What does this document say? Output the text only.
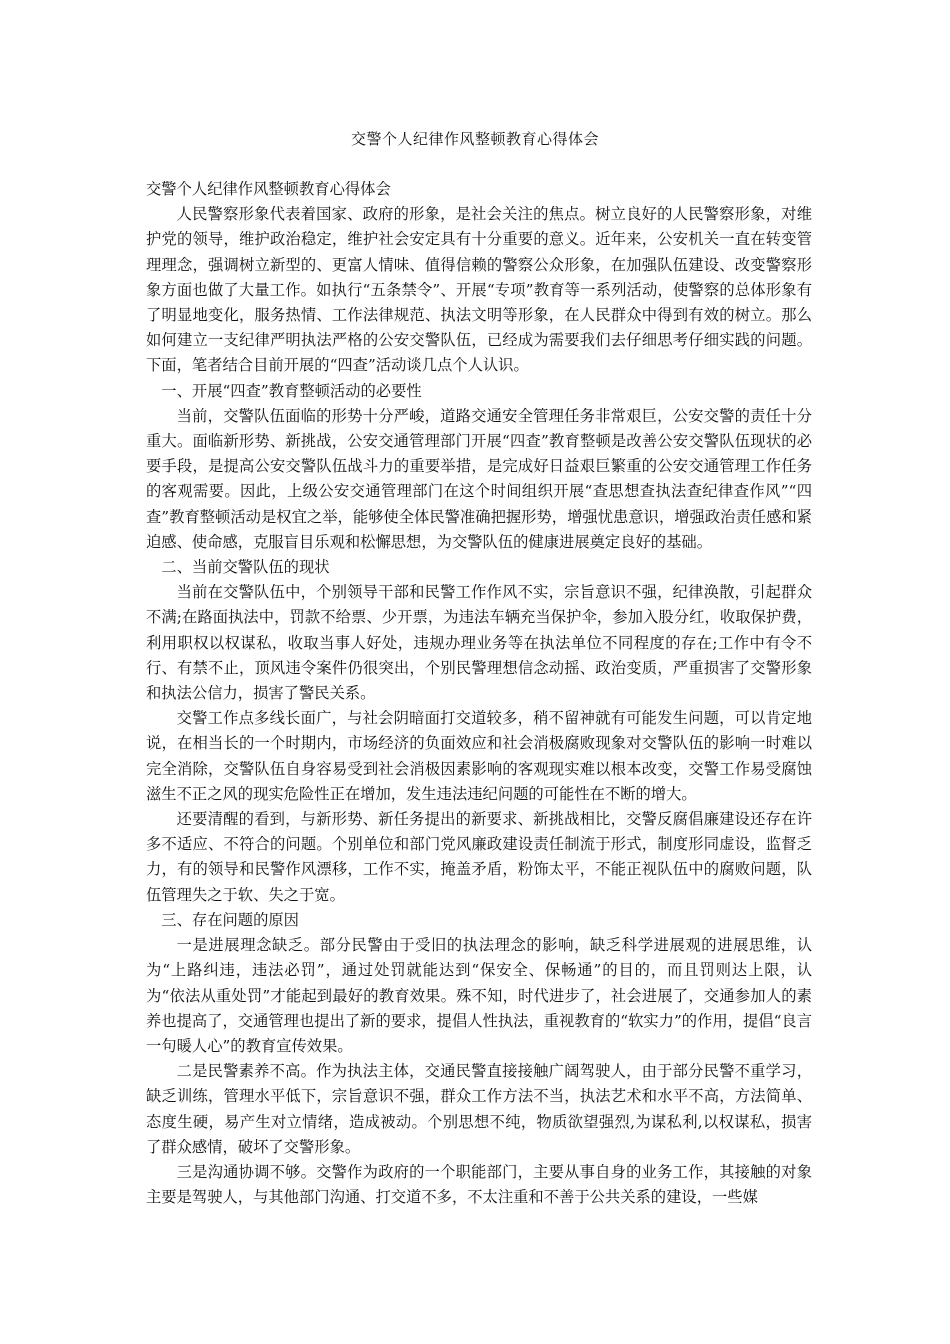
交警个人纪律作风整顿教育心得体会

交警个人纪律作风整顿教育心得体会

人民警察形象代表着国家、政府的形象，是社会关注的焦点。树立良好的人民警察形象，对维护党的领导，维护政治稳定，维护社会安定具有十分重要的意义。近年来，公安机关一直在转变管理理念，强调树立新型的、更富人情味、值得信赖的警察公众形象，在加强队伍建设、改变警察形象方面也做了大量工作。如执行“五条禁令”、开展“专项”教育等一系列活动，使警察的总体形象有了明显地变化，服务热情、工作法律规范、执法文明等形象，在人民群众中得到有效的树立。那么如何建立一支纪律严明执法严格的公安交警队伍，已经成为需要我们去仔细思考仔细实践的问题。下面，笔者结合目前开展的“四查”活动谈几点个人认识。

一、开展“四查”教育整顿活动的必要性

当前，交警队伍面临的形势十分严峻，道路交通安全管理任务非常艰巨，公安交警的责任十分重大。面临新形势、新挑战，公安交通管理部门开展“四查”教育整顿是改善公安交警队伍现状的必要手段，是提高公安交警队伍战斗力的重要举措，是完成好日益艰巨繁重的公安交通管理工作任务的客观需要。因此，上级公安交通管理部门在这个时间组织开展“查思想查执法查纪律查作风”“四查”教育整顿活动是权宜之举，能够使全体民警准确把握形势，增强忧患意识，增强政治责任感和紧迫感、使命感，克服盲目乐观和松懈思想，为交警队伍的健康进展奠定良好的基础。

二、当前交警队伍的现状

当前在交警队伍中，个别领导干部和民警工作作风不实，宗旨意识不强，纪律涣散，引起群众不满;在路面执法中，罚款不给票、少开票，为违法车辆充当保护伞，参加入股分红，收取保护费，利用职权以权谋私，收取当事人好处，违规办理业务等在执法单位不同程度的存在;工作中有令不行、有禁不止，顶风违令案件仍很突出，个别民警理想信念动摇、政治变质，严重损害了交警形象和执法公信力，损害了警民关系。

交警工作点多线长面广，与社会阴暗面打交道较多，稍不留神就有可能发生问题，可以肯定地说，在相当长的一个时期内，市场经济的负面效应和社会消极腐败现象对交警队伍的影响一时难以完全消除，交警队伍自身容易受到社会消极因素影响的客观现实难以根本改变，交警工作易受腐蚀滋生不正之风的现实危险性正在增加，发生违法违纪问题的可能性在不断的增大。

还要清醒的看到，与新形势、新任务提出的新要求、新挑战相比，交警反腐倡廉建设还存在许多不适应、不符合的问题。个别单位和部门党风廉政建设责任制流于形式，制度形同虚设，监督乏力，有的领导和民警作风漂移，工作不实，掩盖矛盾，粉饰太平，不能正视队伍中的腐败问题，队伍管理失之于软、失之于宽。

三、存在问题的原因

一是进展理念缺乏。部分民警由于受旧的执法理念的影响，缺乏科学进展观的进展思维，认为“上路纠违，违法必罚”，通过处罚就能达到“保安全、保畅通”的目的，而且罚则达上限，认为“依法从重处罚”才能起到最好的教育效果。殊不知，时代进步了，社会进展了，交通参加人的素养也提高了，交通管理也提出了新的要求，提倡人性执法，重视教育的“软实力”的作用，提倡“良言一句暖人心”的教育宣传效果。

二是民警素养不高。作为执法主体，交通民警直接接触广阔驾驶人，由于部分民警不重学习，缺乏训练，管理水平低下，宗旨意识不强，群众工作方法不当，执法艺术和水平不高，方法简单、态度生硬，易产生对立情绪，造成被动。个别思想不纯，物质欲望强烈,为谋私利,以权谋私，损害了群众感情，破坏了交警形象。

三是沟通协调不够。交警作为政府的一个职能部门，主要从事自身的业务工作，其接触的对象主要是驾驶人，与其他部门沟通、打交道不多，不太注重和不善于公共关系的建设，一些媒
